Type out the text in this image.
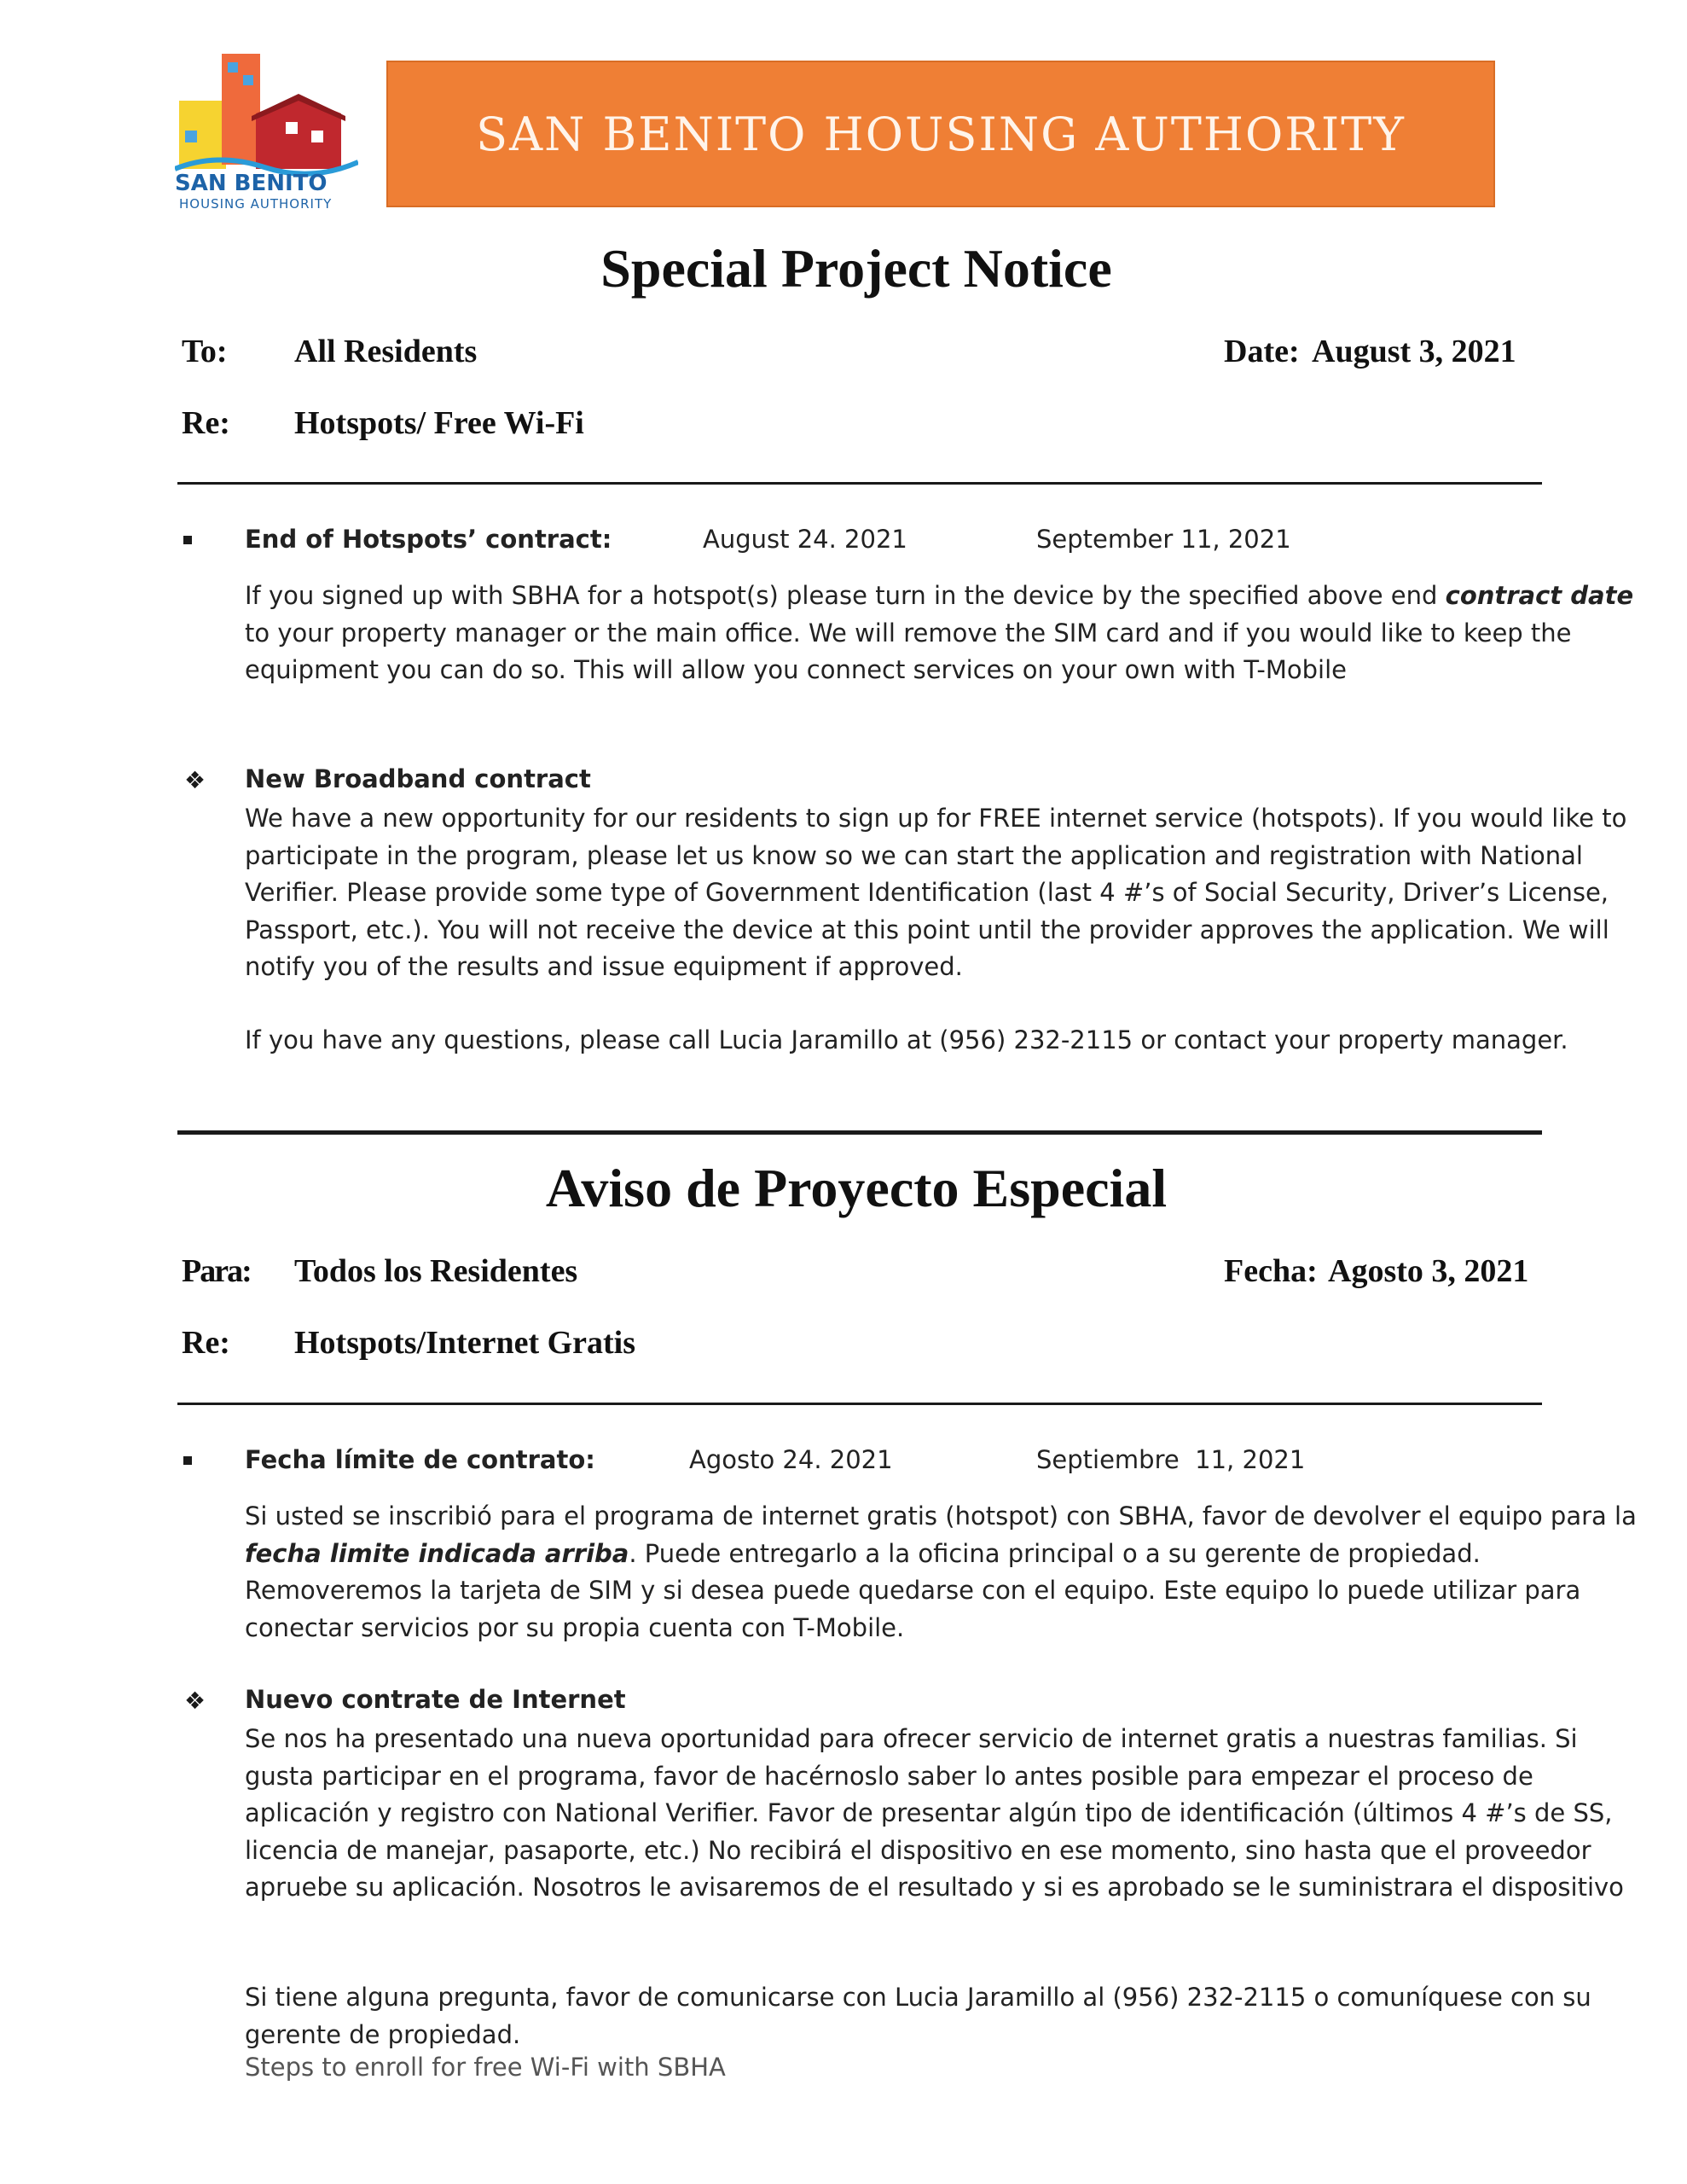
SAN BENITO
HOUSING AUTHORITY
SAN BENITO HOUSING AUTHORITY
Special Project Notice
To: All Residents	Date: August 3, 2021
Re: Hotspots/ Free Wi-Fi
End of Hotspots’ contract:	August 24. 2021	September 11, 2021
If you signed up with SBHA for a hotspot(s) please turn in the device by the specified above end contract date to your property manager or the main office. We will remove the SIM card and if you would like to keep the equipment you can do so. This will allow you connect services on your own with T-Mobile
❖ New Broadband contract
We have a new opportunity for our residents to sign up for FREE internet service (hotspots). If you would like to participate in the program, please let us know so we can start the application and registration with National Verifier. Please provide some type of Government Identification (last 4 #’s of Social Security, Driver’s License, Passport, etc.). You will not receive the device at this point until the provider approves the application. We will notify you of the results and issue equipment if approved.
If you have any questions, please call Lucia Jaramillo at (956) 232-2115 or contact your property manager.
Aviso de Proyecto Especial
Para: Todos los Residentes	Fecha: Agosto 3, 2021
Re: Hotspots/Internet Gratis
Fecha límite de contrato:	Agosto 24. 2021	Septiembre  11, 2021
Si usted se inscribió para el programa de internet gratis (hotspot) con SBHA, favor de devolver el equipo para la fecha limite indicada arriba. Puede entregarlo a la oficina principal o a su gerente de propiedad. Removeremos la tarjeta de SIM y si desea puede quedarse con el equipo. Este equipo lo puede utilizar para conectar servicios por su propia cuenta con T-Mobile.
❖ Nuevo contrate de Internet
Se nos ha presentado una nueva oportunidad para ofrecer servicio de internet gratis a nuestras familias. Si gusta participar en el programa, favor de hacérnoslo saber lo antes posible para empezar el proceso de aplicación y registro con National Verifier. Favor de presentar algún tipo de identificación (últimos 4 #’s de SS, licencia de manejar, pasaporte, etc.) No recibirá el dispositivo en ese momento, sino hasta que el proveedor apruebe su aplicación. Nosotros le avisaremos de el resultado y si es aprobado se le suministrara el dispositivo
Si tiene alguna pregunta, favor de comunicarse con Lucia Jaramillo al (956) 232-2115 o comuníquese con su gerente de propiedad.
Steps to enroll for free Wi-Fi with SBHA
